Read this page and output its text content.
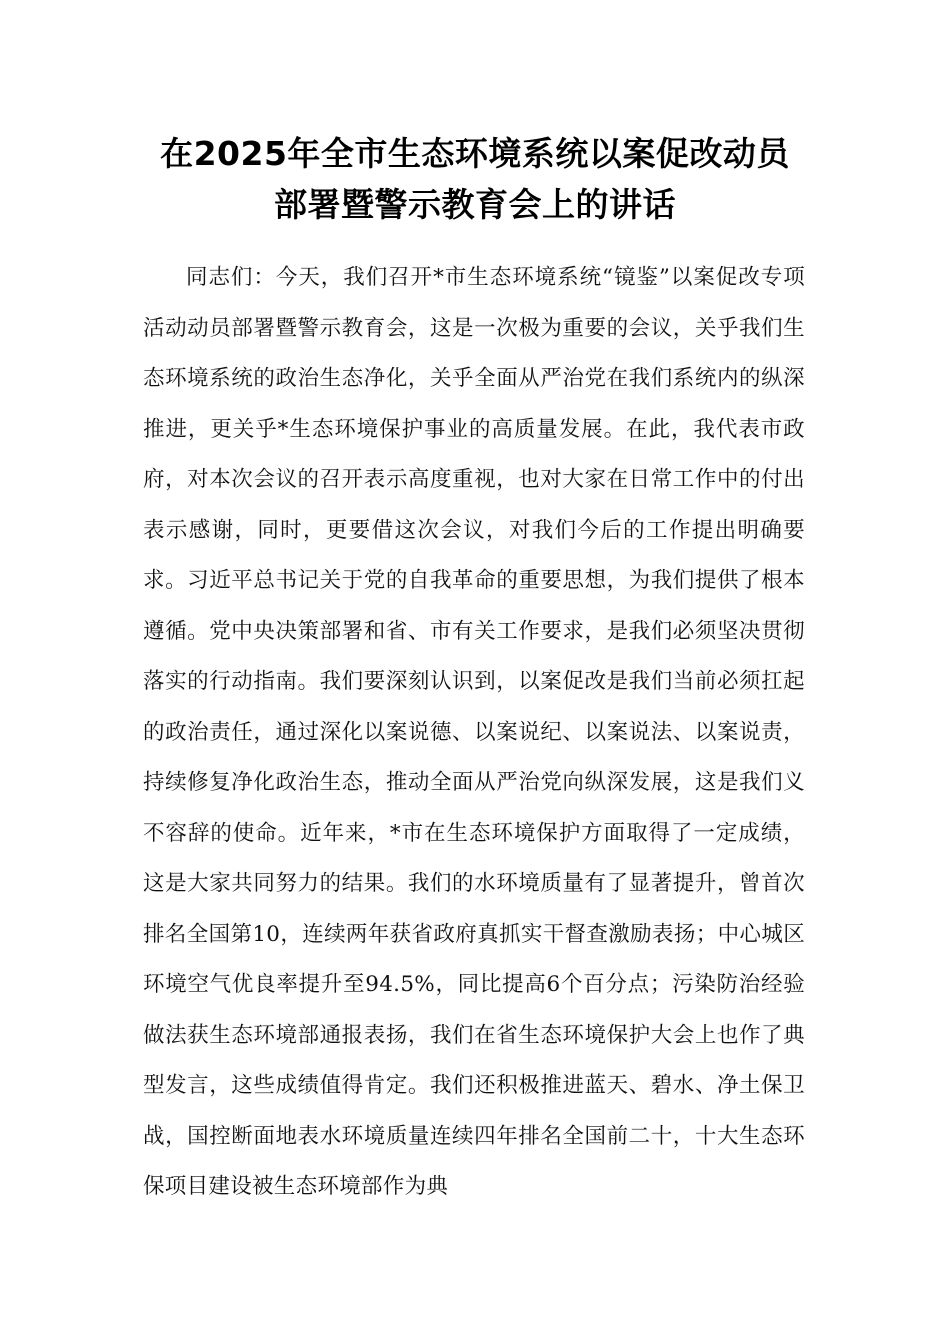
在2025年全市生态环境系统以案促改动员
部署暨警示教育会上的讲话

同志们：今天，我们召开*市生态环境系统“镜鉴”以案促改专项活动动员部署暨警示教育会，这是一次极为重要的会议，关乎我们生态环境系统的政治生态净化，关乎全面从严治党在我们系统内的纵深推进，更关乎*生态环境保护事业的高质量发展。在此，我代表市政府，对本次会议的召开表示高度重视，也对大家在日常工作中的付出表示感谢，同时，更要借这次会议，对我们今后的工作提出明确要求。习近平总书记关于党的自我革命的重要思想，为我们提供了根本遵循。党中央决策部署和省、市有关工作要求，是我们必须坚决贯彻落实的行动指南。我们要深刻认识到，以案促改是我们当前必须扛起的政治责任，通过深化以案说德、以案说纪、以案说法、以案说责，持续修复净化政治生态，推动全面从严治党向纵深发展，这是我们义不容辞的使命。近年来，*市在生态环境保护方面取得了一定成绩，这是大家共同努力的结果。我们的水环境质量有了显著提升，曾首次排名全国第10，连续两年获省政府真抓实干督查激励表扬；中心城区环境空气优良率提升至94.5%，同比提高6个百分点；污染防治经验做法获生态环境部通报表扬，我们在省生态环境保护大会上也作了典型发言，这些成绩值得肯定。我们还积极推进蓝天、碧水、净土保卫战，国控断面地表水环境质量连续四年排名全国前二十，十大生态环保项目建设被生态环境部作为典
